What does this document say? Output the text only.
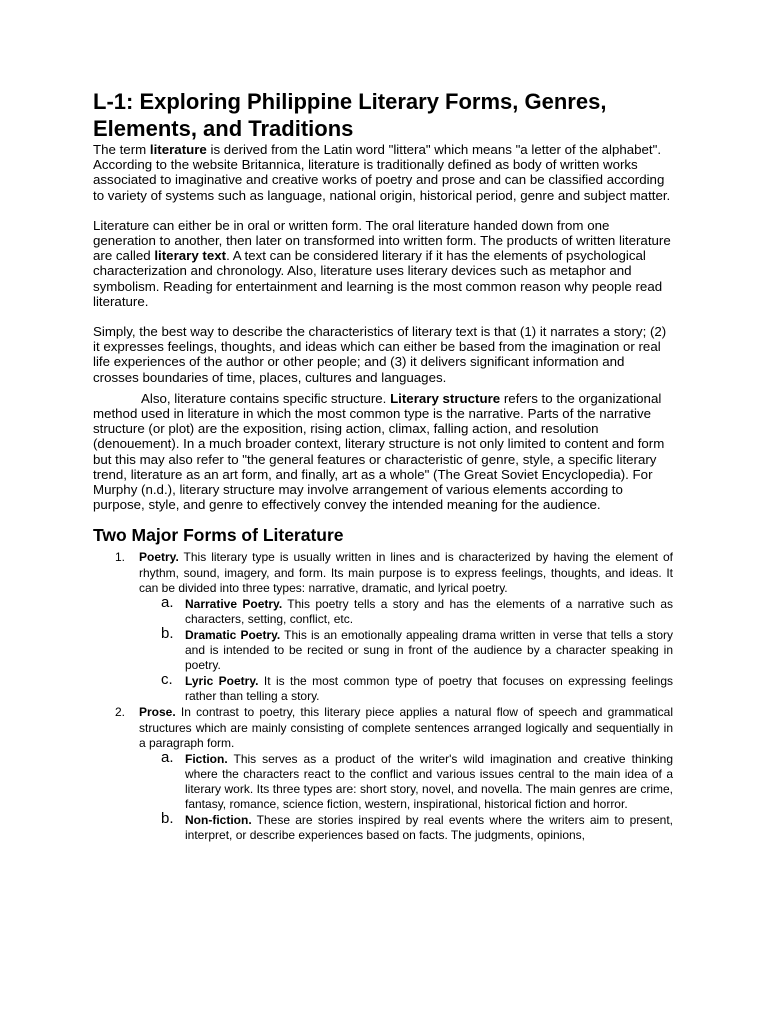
L-1: Exploring Philippine Literary Forms, Genres, Elements, and Traditions

The term literature is derived from the Latin word "littera" which means "a letter of the alphabet". According to the website Britannica, literature is traditionally defined as body of written works associated to imaginative and creative works of poetry and prose and can be classified according to variety of systems such as language, national origin, historical period, genre and subject matter.

Literature can either be in oral or written form. The oral literature handed down from one generation to another, then later on transformed into written form. The products of written literature are called literary text. A text can be considered literary if it has the elements of psychological characterization and chronology. Also, literature uses literary devices such as metaphor and symbolism. Reading for entertainment and learning is the most common reason why people read literature.

Simply, the best way to describe the characteristics of literary text is that (1) it narrates a story; (2) it expresses feelings, thoughts, and ideas which can either be based from the imagination or real life experiences of the author or other people; and (3) it delivers significant information and crosses boundaries of time, places, cultures and languages.

Also, literature contains specific structure. Literary structure refers to the organizational method used in literature in which the most common type is the narrative. Parts of the narrative structure (or plot) are the exposition, rising action, climax, falling action, and resolution (denouement). In a much broader context, literary structure is not only limited to content and form but this may also refer to "the general features or characteristic of genre, style, a specific literary trend, literature as an art form, and finally, art as a whole" (The Great Soviet Encyclopedia). For Murphy (n.d.), literary structure may involve arrangement of various elements according to purpose, style, and genre to effectively convey the intended meaning for the audience.

Two Major Forms of Literature
1. Poetry. This literary type is usually written in lines and is characterized by having the element of rhythm, sound, imagery, and form. Its main purpose is to express feelings, thoughts, and ideas. It can be divided into three types: narrative, dramatic, and lyrical poetry.
a. Narrative Poetry. This poetry tells a story and has the elements of a narrative such as characters, setting, conflict, etc.
b. Dramatic Poetry. This is an emotionally appealing drama written in verse that tells a story and is intended to be recited or sung in front of the audience by a character speaking in poetry.
c. Lyric Poetry. It is the most common type of poetry that focuses on expressing feelings rather than telling a story.
2. Prose. In contrast to poetry, this literary piece applies a natural flow of speech and grammatical structures which are mainly consisting of complete sentences arranged logically and sequentially in a paragraph form.
a. Fiction. This serves as a product of the writer's wild imagination and creative thinking where the characters react to the conflict and various issues central to the main idea of a literary work. Its three types are: short story, novel, and novella. The main genres are crime, fantasy, romance, science fiction, western, inspirational, historical fiction and horror.
b. Non-fiction. These are stories inspired by real events where the writers aim to present, interpret, or describe experiences based on facts. The judgments, opinions,
